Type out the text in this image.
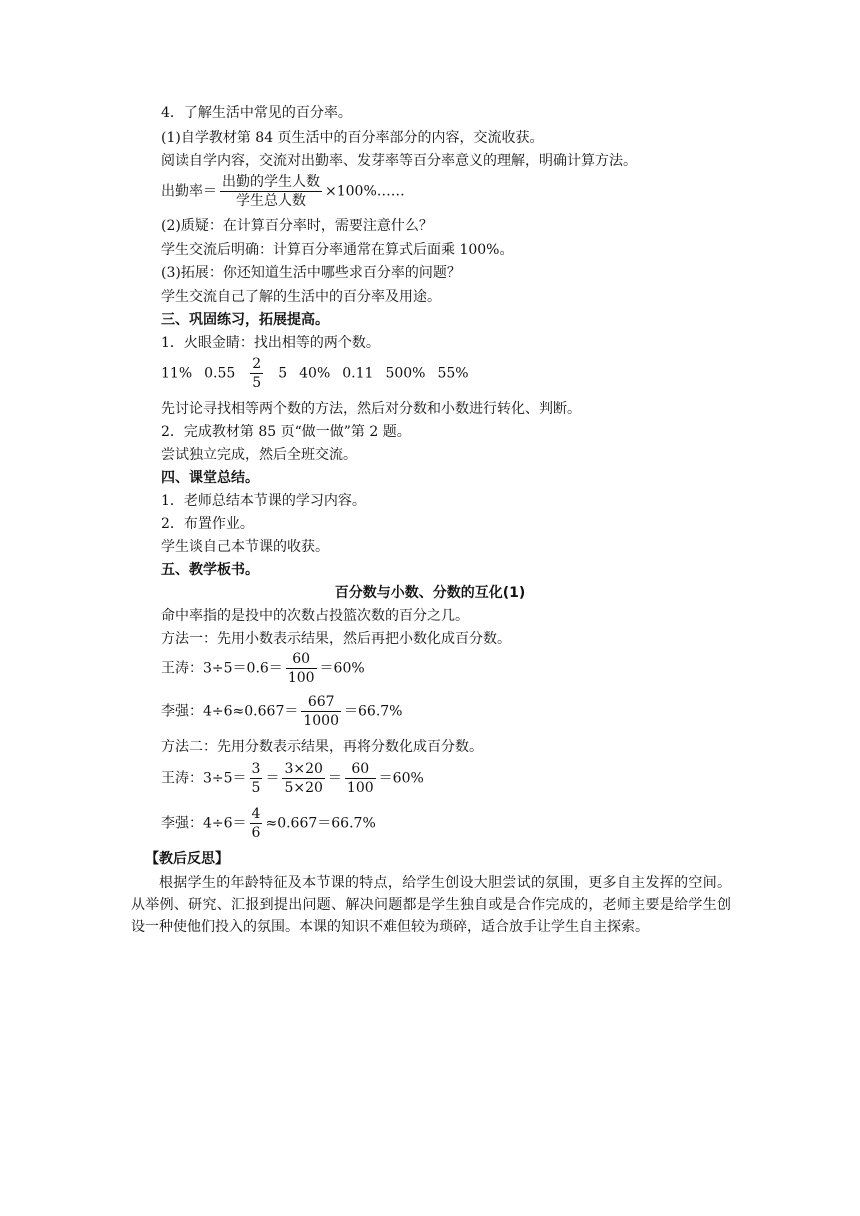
4．了解生活中常见的百分率。
(1)自学教材第 84 页生活中的百分率部分的内容，交流收获。
阅读自学内容，交流对出勤率、发芽率等百分率意义的理解，明确计算方法。
出勤率＝ $\frac{\text{出勤的学生人数}}{\text{学生总人数}}$ ×100%……
(2)质疑：在计算百分率时，需要注意什么？
学生交流后明确：计算百分率通常在算式后面乘 100%。
(3)拓展：你还知道生活中哪些求百分率的问题？
学生交流自己了解的生活中的百分率及用途。
三、巩固练习，拓展提高。
1．火眼金睛：找出相等的两个数。
11% $0.55 \frac{2}{5} 5$ 40% 0.11 500% 55%
先讨论寻找相等两个数的方法，然后对分数和小数进行转化、判断。
2．完成教材第 85 页“做一做”第 2 题。
尝试独立完成，然后全班交流。
四、课堂总结。
1．老师总结本节课的学习内容。
2．布置作业。
学生谈自己本节课的收获。
五、教学板书。
百分数与小数、分数的互化(1)
命中率指的是投中的次数占投篮次数的百分之几。
方法一：先用小数表示结果，然后再把小数化成百分数。
王涛：$3\div 5=0.6= \frac{60}{100} =60\%$
李强：$4\div 6\approx 0.667= \frac{667}{1000} =66.7\%$
方法二：先用分数表示结果，再将分数化成百分数。
王涛：$3\div 5= \frac{3}{5} = \frac{3\times 20}{5\times 20} = \frac{60}{100} =60\%$
李强：$4\div 6= \frac{4}{6} \approx 0.667=66.7\%$
【教后反思】
根据学生的年龄特征及本节课的特点，给学生创设大胆尝试的氛围，更多自主发挥的空间。从举例、研究、汇报到提出问题、解决问题都是学生独自或是合作完成的，老师主要是给学生创设一种使他们投入的氛围。本课的知识不难但较为琐碎，适合放手让学生自主探索。
